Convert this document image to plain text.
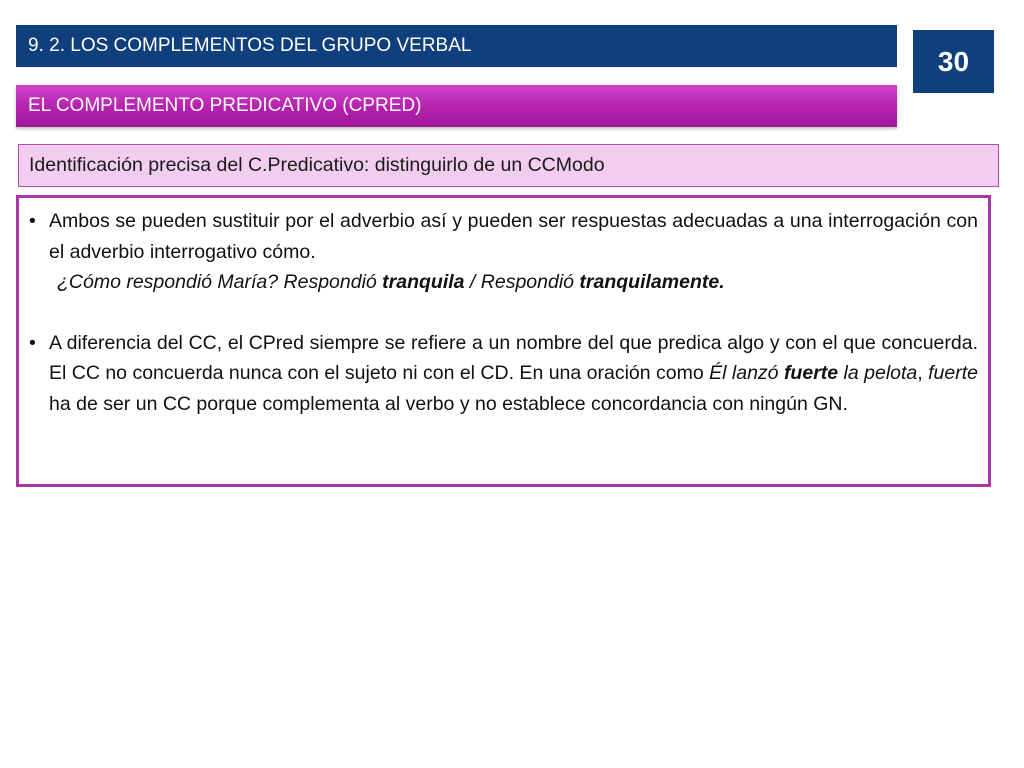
9. 2. LOS COMPLEMENTOS DEL GRUPO VERBAL
30
EL COMPLEMENTO PREDICATIVO (CPRED)
Identificación precisa del C.Predicativo: distinguirlo de un CCModo
• Ambos se pueden sustituir por el adverbio así y pueden ser respuestas adecuadas a una interrogación con el adverbio interrogativo cómo.
¿Cómo respondió María? Respondió tranquila / Respondió tranquilamente.
• A diferencia del CC, el CPred siempre se refiere a un nombre del que predica algo y con el que concuerda. El CC no concuerda nunca con el sujeto ni con el CD. En una oración como Él lanzó fuerte la pelota, fuerte ha de ser un CC porque complementa al verbo y no establece concordancia con ningún GN.
